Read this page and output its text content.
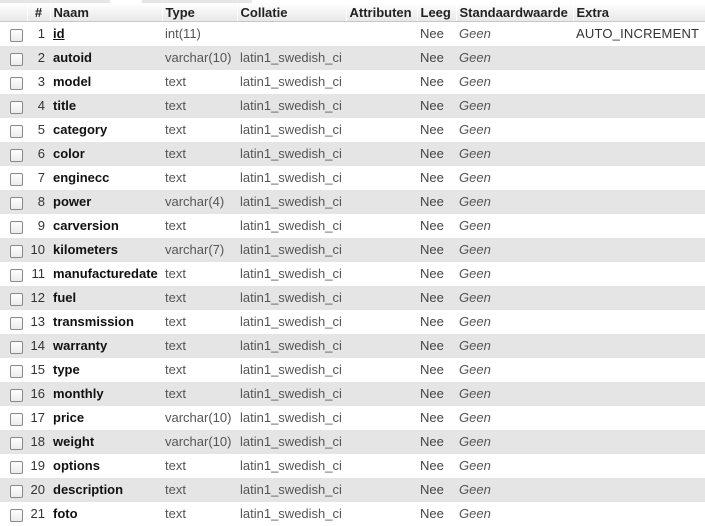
	#	Naam	Type	Collatie	Attributen	Leeg	Standaardwaarde	Extra
	1	id	int(11)			Nee	Geen	AUTO_INCREMENT
	2	autoid	varchar(10)	latin1_swedish_ci		Nee	Geen	
	3	model	text	latin1_swedish_ci		Nee	Geen	
	4	title	text	latin1_swedish_ci		Nee	Geen	
	5	category	text	latin1_swedish_ci		Nee	Geen	
	6	color	text	latin1_swedish_ci		Nee	Geen	
	7	enginecc	text	latin1_swedish_ci		Nee	Geen	
	8	power	varchar(4)	latin1_swedish_ci		Nee	Geen	
	9	carversion	text	latin1_swedish_ci		Nee	Geen	
	10	kilometers	varchar(7)	latin1_swedish_ci		Nee	Geen	
	11	manufacturedate	text	latin1_swedish_ci		Nee	Geen	
	12	fuel	text	latin1_swedish_ci		Nee	Geen	
	13	transmission	text	latin1_swedish_ci		Nee	Geen	
	14	warranty	text	latin1_swedish_ci		Nee	Geen	
	15	type	text	latin1_swedish_ci		Nee	Geen	
	16	monthly	text	latin1_swedish_ci		Nee	Geen	
	17	price	varchar(10)	latin1_swedish_ci		Nee	Geen	
	18	weight	varchar(10)	latin1_swedish_ci		Nee	Geen	
	19	options	text	latin1_swedish_ci		Nee	Geen	
	20	description	text	latin1_swedish_ci		Nee	Geen	
	21	foto	text	latin1_swedish_ci		Nee	Geen	
